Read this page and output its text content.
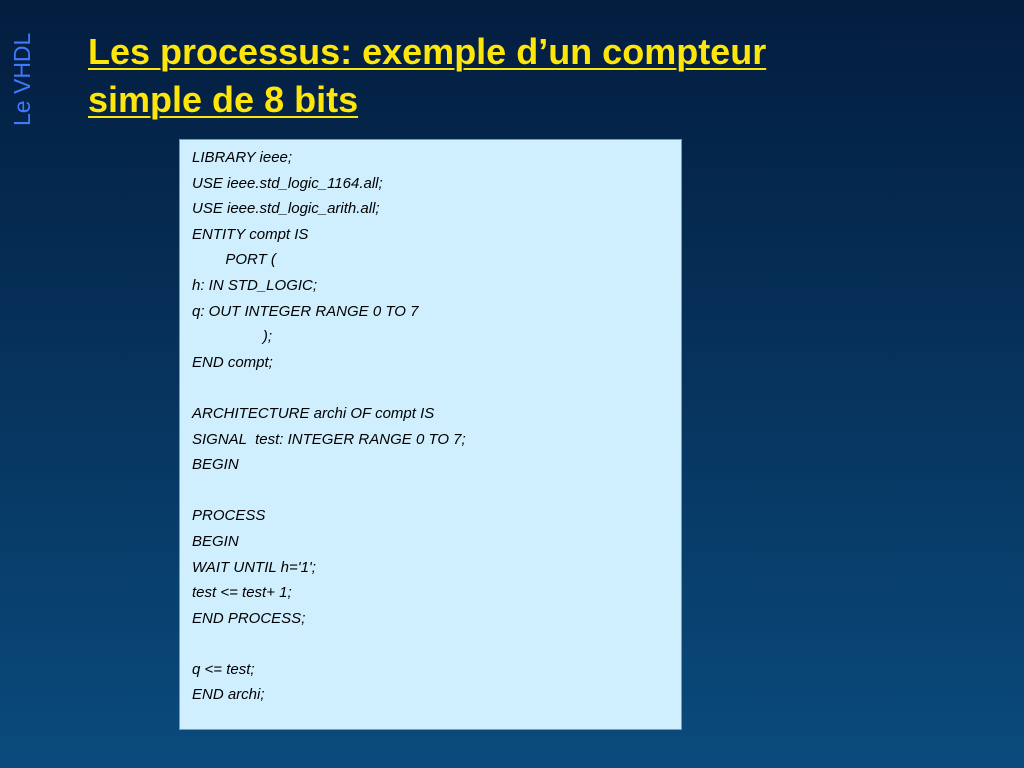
Le VHDL Les processus: exemple d’un compteur
simple de 8 bits
LIBRARY ieee;
USE ieee.std_logic_1164.all;
USE ieee.std_logic_arith.all;
ENTITY compt IS
PORT (
h: IN STD_LOGIC;
q: OUT INTEGER RANGE 0 TO 7
);
END compt;
ARCHITECTURE archi OF compt IS
SIGNAL  test: INTEGER RANGE 0 TO 7;
BEGIN
PROCESS
BEGIN
WAIT UNTIL h='1';
test <= test+ 1;
END PROCESS;
q <= test;
END archi;
